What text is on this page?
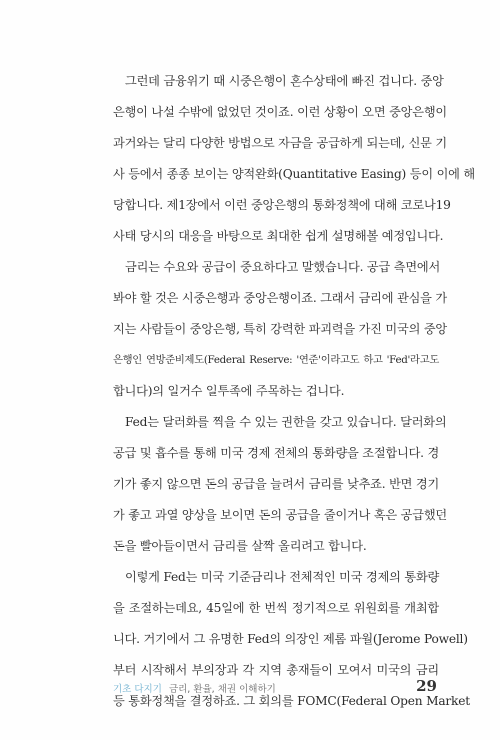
그런데 금융위기 때 시중은행이 혼수상태에 빠진 겁니다. 중앙
은행이 나설 수밖에 없었던 것이죠. 이런 상황이 오면 중앙은행이
과거와는 달리 다양한 방법으로 자금을 공급하게 되는데, 신문 기
사 등에서 종종 보이는 양적완화(Quantitative Easing) 등이 이에 해
당합니다. 제1장에서 이런 중앙은행의 통화정책에 대해 코로나19
사태 당시의 대응을 바탕으로 최대한 쉽게 설명해볼 예정입니다.
금리는 수요와 공급이 중요하다고 말했습니다. 공급 측면에서
봐야 할 것은 시중은행과 중앙은행이죠. 그래서 금리에 관심을 가
지는 사람들이 중앙은행, 특히 강력한 파괴력을 가진 미국의 중앙
은행인 연방준비제도(Federal Reserve: '연준'이라고도 하고 'Fed'라고도
합니다)의 일거수 일투족에 주목하는 겁니다.
Fed는 달러화를 찍을 수 있는 권한을 갖고 있습니다. 달러화의
공급 및 흡수를 통해 미국 경제 전체의 통화량을 조절합니다. 경
기가 좋지 않으면 돈의 공급을 늘려서 금리를 낮추죠. 반면 경기
가 좋고 과열 양상을 보이면 돈의 공급을 줄이거나 혹은 공급했던
돈을 빨아들이면서 금리를 살짝 올리려고 합니다.
이렇게 Fed는 미국 기준금리나 전체적인 미국 경제의 통화량
을 조절하는데요, 45일에 한 번씩 정기적으로 위원회를 개최합
니다. 거기에서 그 유명한 Fed의 의장인 제롬 파월(Jerome Powell)
부터 시작해서 부의장과 각 지역 총재들이 모여서 미국의 금리
등 통화정책을 결정하죠. 그 회의를 FOMC(Federal Open Market
기초 다지기 금리, 환율, 채권 이해하기	29
